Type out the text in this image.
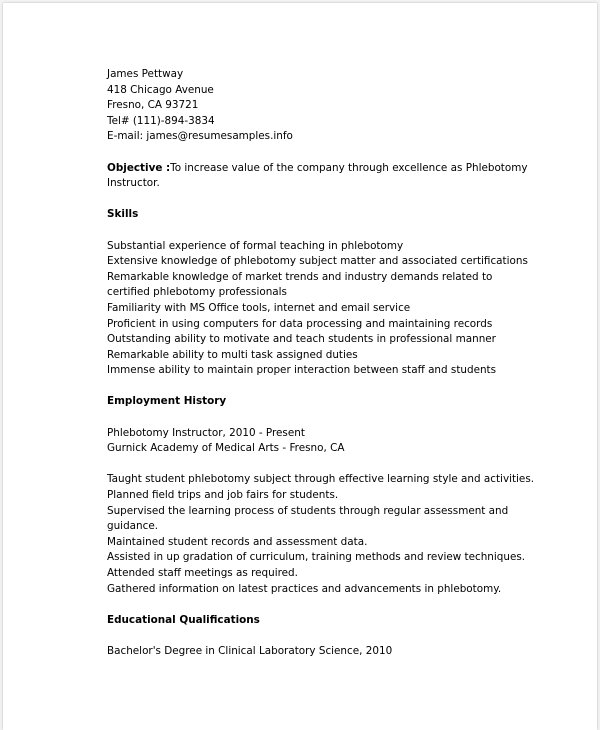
James Pettway
418 Chicago Avenue
Fresno, CA 93721
Tel# (111)-894-3834
E-mail: james@resumesamples.info
Objective :To increase value of the company through excellence as Phlebotomy
Instructor.
Skills
Substantial experience of formal teaching in phlebotomy
Extensive knowledge of phlebotomy subject matter and associated certifications
Remarkable knowledge of market trends and industry demands related to
certified phlebotomy professionals
Familiarity with MS Office tools, internet and email service
Proficient in using computers for data processing and maintaining records
Outstanding ability to motivate and teach students in professional manner
Remarkable ability to multi task assigned duties
Immense ability to maintain proper interaction between staff and students
Employment History
Phlebotomy Instructor, 2010 - Present
Gurnick Academy of Medical Arts - Fresno, CA
Taught student phlebotomy subject through effective learning style and activities.
Planned field trips and job fairs for students.
Supervised the learning process of students through regular assessment and
guidance.
Maintained student records and assessment data.
Assisted in up gradation of curriculum, training methods and review techniques.
Attended staff meetings as required.
Gathered information on latest practices and advancements in phlebotomy.
Educational Qualifications
Bachelor's Degree in Clinical Laboratory Science, 2010
